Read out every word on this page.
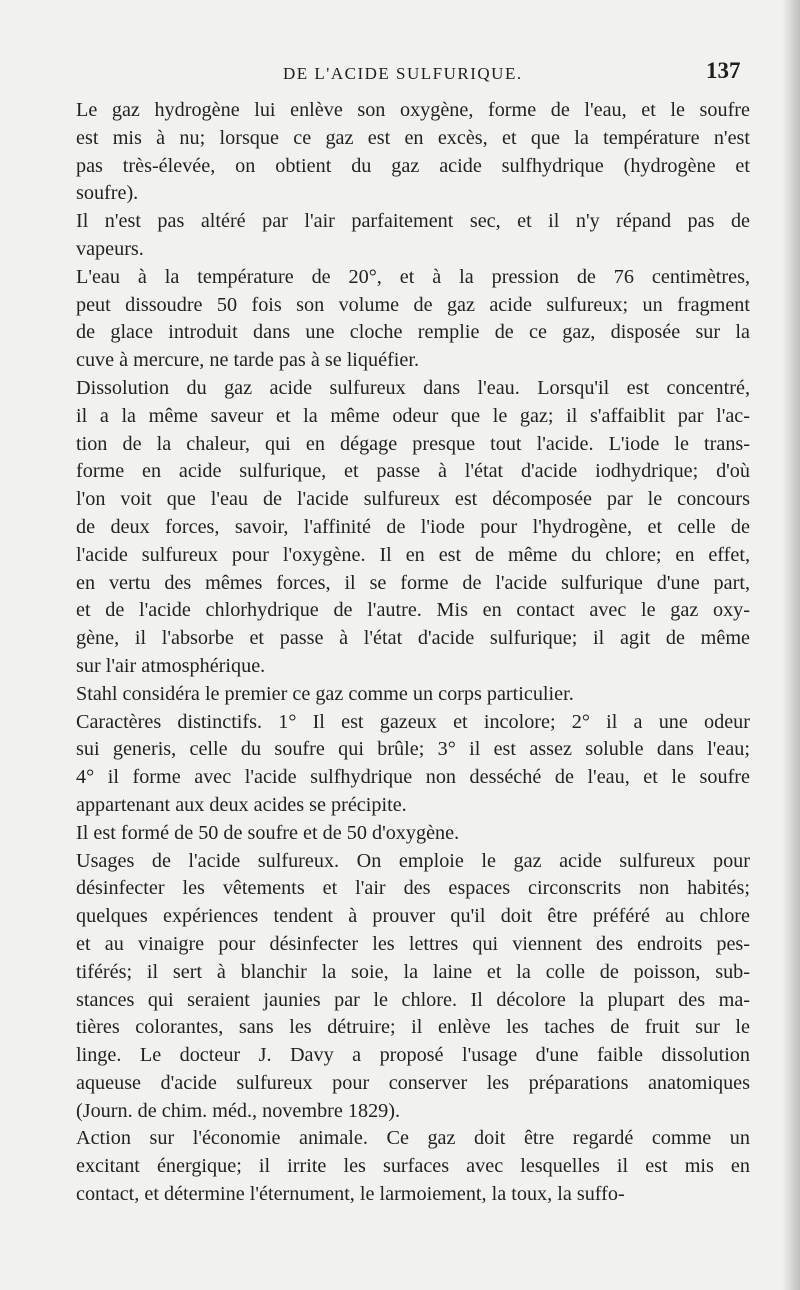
DE L'ACIDE SULFURIQUE.	137
Le gaz hydrogène lui enlève son oxygène, forme de l'eau, et le soufre
est mis à nu; lorsque ce gaz est en excès, et que la température n'est
pas très-élevée, on obtient du gaz acide sulfhydrique (hydrogène et
soufre).
Il n'est pas altéré par l'air parfaitement sec, et il n'y répand pas de
vapeurs.
L'eau à la température de 20°, et à la pression de 76 centimètres,
peut dissoudre 50 fois son volume de gaz acide sulfureux; un fragment
de glace introduit dans une cloche remplie de ce gaz, disposée sur la
cuve à mercure, ne tarde pas à se liquéfier.
Dissolution du gaz acide sulfureux dans l'eau. Lorsqu'il est concentré,
il a la même saveur et la même odeur que le gaz; il s'affaiblit par l'ac-
tion de la chaleur, qui en dégage presque tout l'acide. L'iode le trans-
forme en acide sulfurique, et passe à l'état d'acide iodhydrique; d'où
l'on voit que l'eau de l'acide sulfureux est décomposée par le concours
de deux forces, savoir, l'affinité de l'iode pour l'hydrogène, et celle de
l'acide sulfureux pour l'oxygène. Il en est de même du chlore; en effet,
en vertu des mêmes forces, il se forme de l'acide sulfurique d'une part,
et de l'acide chlorhydrique de l'autre. Mis en contact avec le gaz oxy-
gène, il l'absorbe et passe à l'état d'acide sulfurique; il agit de même
sur l'air atmosphérique.
Stahl considéra le premier ce gaz comme un corps particulier.
Caractères distinctifs. 1° Il est gazeux et incolore; 2° il a une odeur
sui generis, celle du soufre qui brûle; 3° il est assez soluble dans l'eau;
4° il forme avec l'acide sulfhydrique non desséché de l'eau, et le soufre
appartenant aux deux acides se précipite.
Il est formé de 50 de soufre et de 50 d'oxygène.
Usages de l'acide sulfureux. On emploie le gaz acide sulfureux pour
désinfecter les vêtements et l'air des espaces circonscrits non habités;
quelques expériences tendent à prouver qu'il doit être préféré au chlore
et au vinaigre pour désinfecter les lettres qui viennent des endroits pes-
tiférés; il sert à blanchir la soie, la laine et la colle de poisson, sub-
stances qui seraient jaunies par le chlore. Il décolore la plupart des ma-
tières colorantes, sans les détruire; il enlève les taches de fruit sur le
linge. Le docteur J. Davy a proposé l'usage d'une faible dissolution
aqueuse d'acide sulfureux pour conserver les préparations anatomiques
(Journ. de chim. méd., novembre 1829).
Action sur l'économie animale. Ce gaz doit être regardé comme un
excitant énergique; il irrite les surfaces avec lesquelles il est mis en
contact, et détermine l'éternument, le larmoiement, la toux, la suffo-
